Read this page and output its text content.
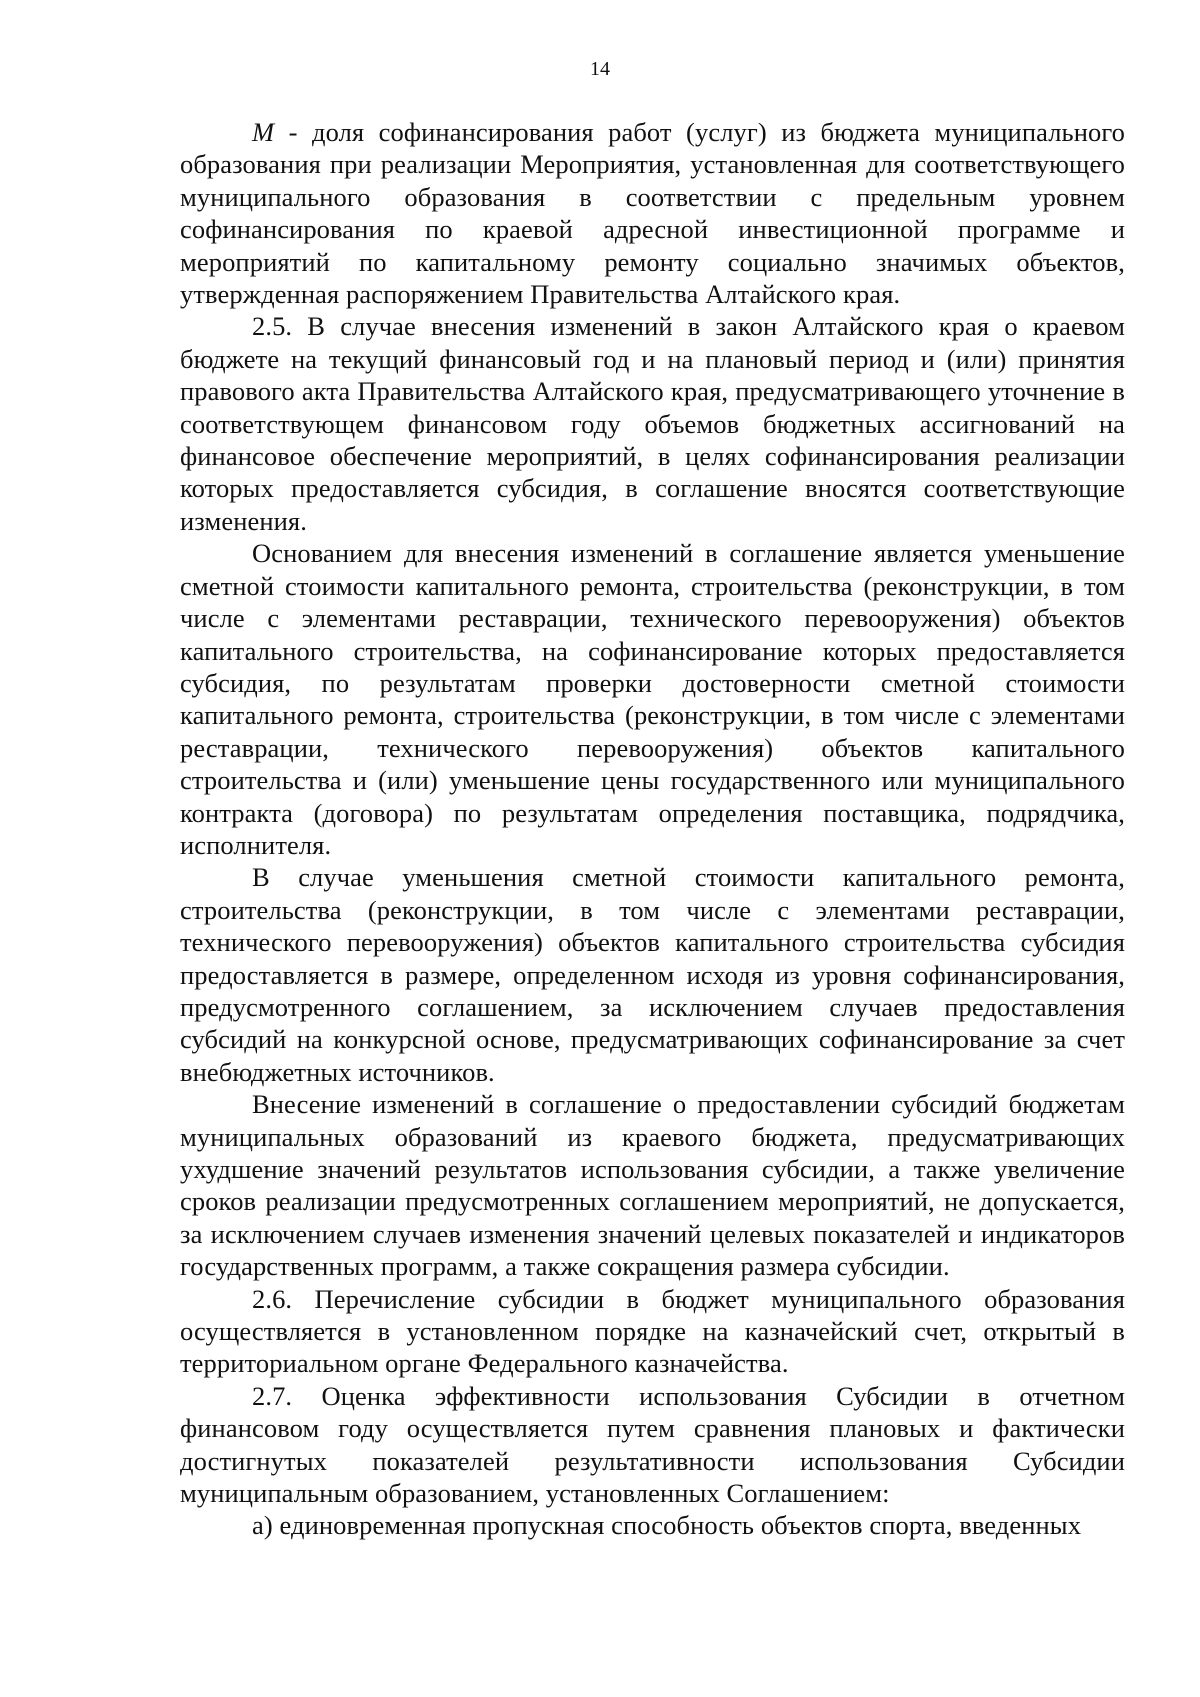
14

М - доля софинансирования работ (услуг) из бюджета муниципального образования при реализации Мероприятия, установленная для соответствующего муниципального образования в соответствии с предельным уровнем софинансирования по краевой адресной инвестиционной программе и мероприятий по капитальному ремонту социально значимых объектов, утвержденная распоряжением Правительства Алтайского края.

2.5. В случае внесения изменений в закон Алтайского края о краевом бюджете на текущий финансовый год и на плановый период и (или) принятия правового акта Правительства Алтайского края, предусматривающего уточнение в соответствующем финансовом году объемов бюджетных ассигнований на финансовое обеспечение мероприятий, в целях софинансирования реализации которых предоставляется субсидия, в соглашение вносятся соответствующие изменения.

Основанием для внесения изменений в соглашение является уменьшение сметной стоимости капитального ремонта, строительства (реконструкции, в том числе с элементами реставрации, технического перевооружения) объектов капитального строительства, на софинансирование которых предоставляется субсидия, по результатам проверки достоверности сметной стоимости капитального ремонта, строительства (реконструкции, в том числе с элементами реставрации, технического перевооружения) объектов капитального строительства и (или) уменьшение цены государственного или муниципального контракта (договора) по результатам определения поставщика, подрядчика, исполнителя.

В случае уменьшения сметной стоимости капитального ремонта, строительства (реконструкции, в том числе с элементами реставрации, технического перевооружения) объектов капитального строительства субсидия предоставляется в размере, определенном исходя из уровня софинансирования, предусмотренного соглашением, за исключением случаев предоставления субсидий на конкурсной основе, предусматривающих софинансирование за счет внебюджетных источников.

Внесение изменений в соглашение о предоставлении субсидий бюджетам муниципальных образований из краевого бюджета, предусматривающих ухудшение значений результатов использования субсидии, а также увеличение сроков реализации предусмотренных соглашением мероприятий, не допускается, за исключением случаев изменения значений целевых показателей и индикаторов государственных программ, а также сокращения размера субсидии.

2.6. Перечисление субсидии в бюджет муниципального образования осуществляется в установленном порядке на казначейский счет, открытый в территориальном органе Федерального казначейства.

2.7. Оценка эффективности использования Субсидии в отчетном финансовом году осуществляется путем сравнения плановых и фактически достигнутых показателей результативности использования Субсидии муниципальным образованием, установленных Соглашением:

а) единовременная пропускная способность объектов спорта, введенных
